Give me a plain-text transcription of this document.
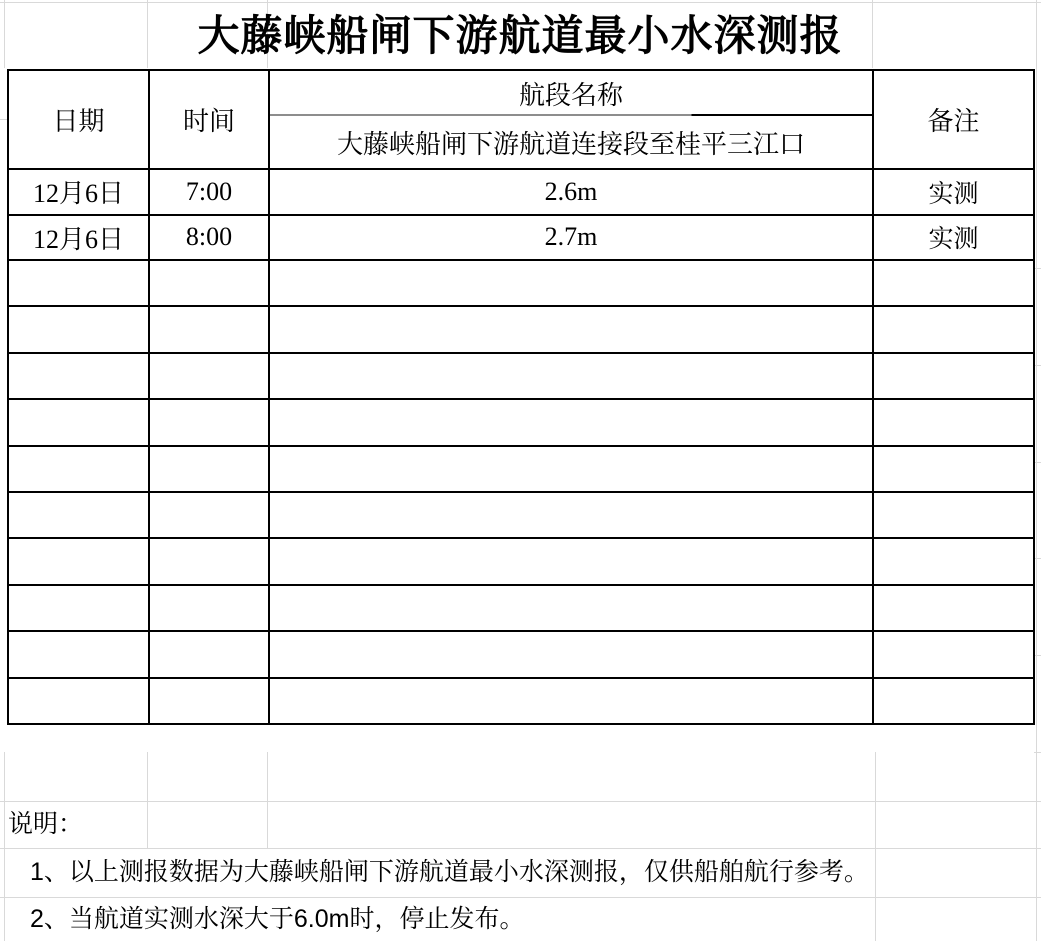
大藤峡船闸下游航道最小水深测报
日期	时间	航段名称	备注
		大藤峡船闸下游航道连接段至桂平三江口	
12月6日	7:00	2.6m	实测
12月6日	8:00	2.7m	实测

说明：
1、以上测报数据为大藤峡船闸下游航道最小水深测报，仅供船舶航行参考。
2、当航道实测水深大于6.0m时，停止发布。
